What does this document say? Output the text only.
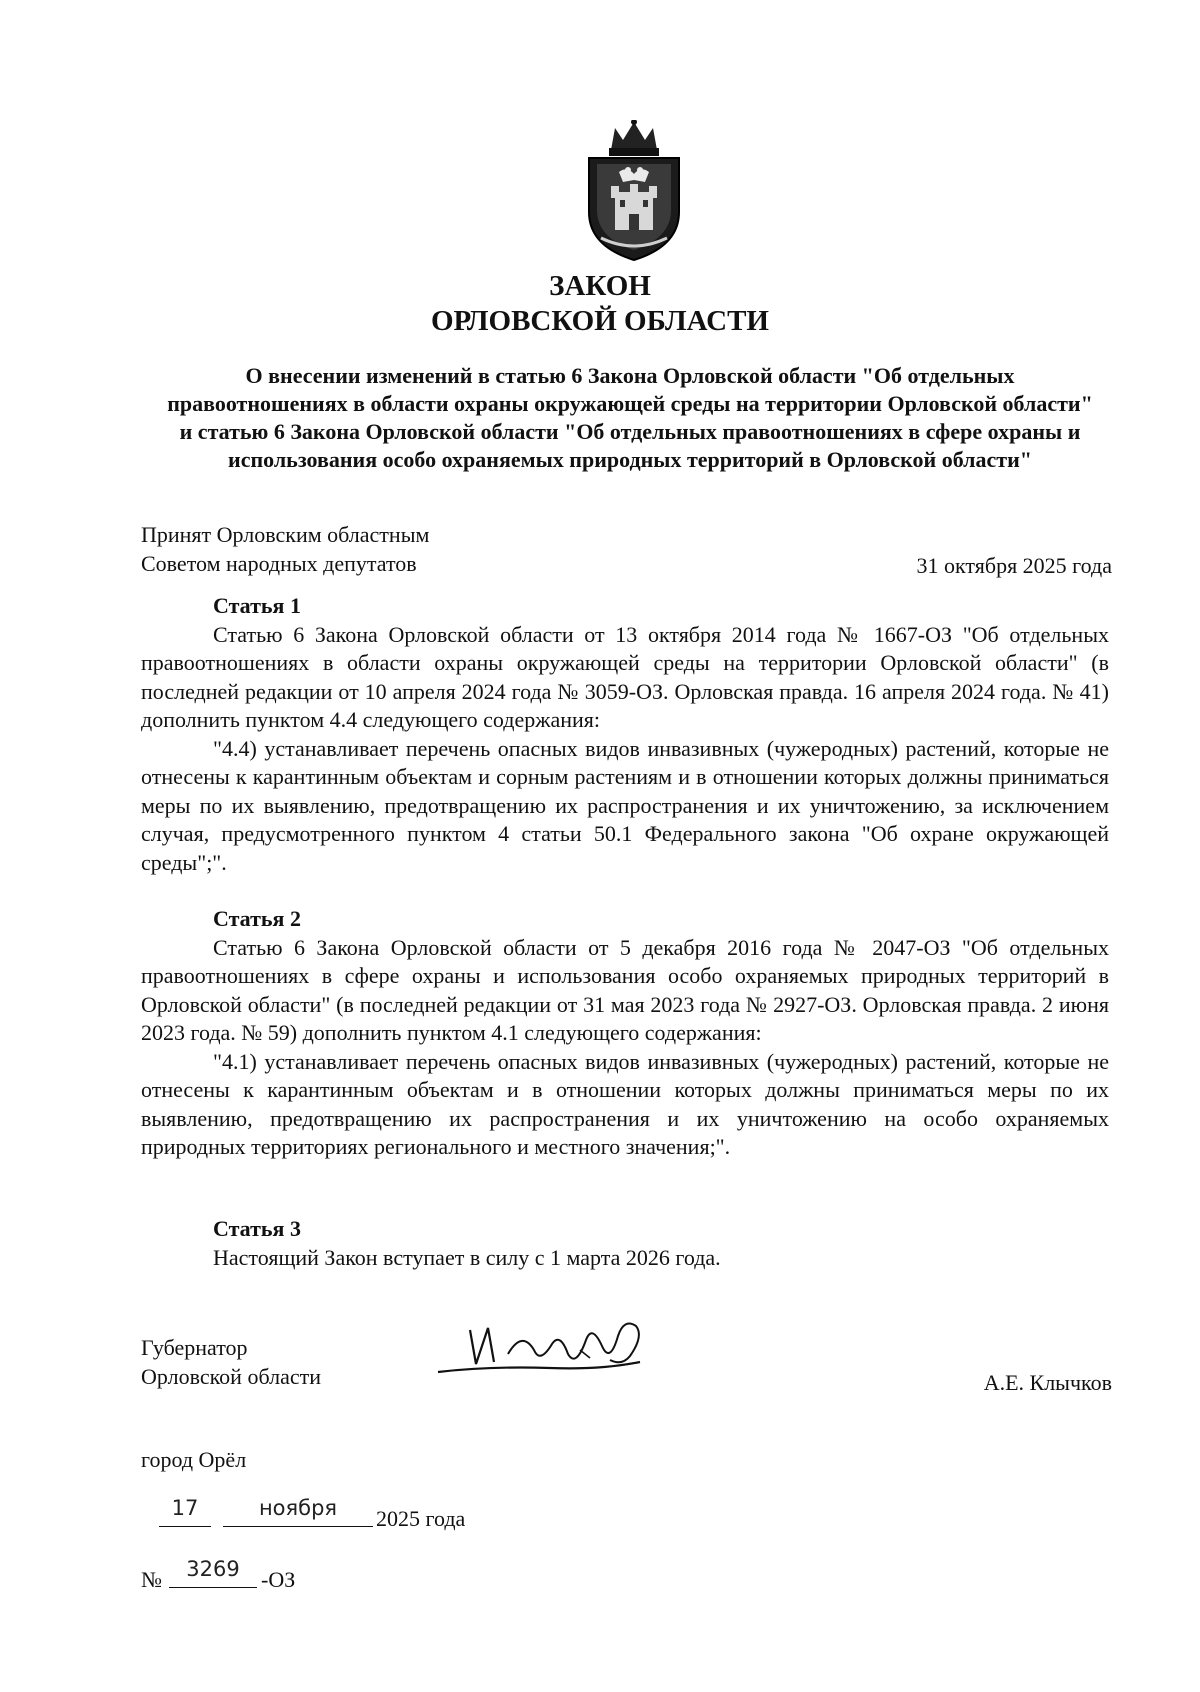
ЗАКОН
ОРЛОВСКОЙ ОБЛАСТИ
О внесении изменений в статью 6 Закона Орловской области "Об отдельных правоотношениях в области охраны окружающей среды на территории Орловской области" и статью 6 Закона Орловской области "Об отдельных правоотношениях в сфере охраны и использования особо охраняемых природных территорий в Орловской области"
Принят Орловским областным
Советом народных депутатов	31 октября 2025 года
Статья 1

Статью 6 Закона Орловской области от 13 октября 2014 года № 1667-ОЗ "Об отдельных правоотношениях в области охраны окружающей среды на территории Орловской области" (в последней редакции от 10 апреля 2024 года № 3059-ОЗ. Орловская правда. 16 апреля 2024 года. № 41) дополнить пунктом 4.4 следующего содержания:

"4.4) устанавливает перечень опасных видов инвазивных (чужеродных) растений, которые не отнесены к карантинным объектам и сорным растениям и в отношении которых должны приниматься меры по их выявлению, предотвращению их распространения и их уничтожению, за исключением случая, предусмотренного пунктом 4 статьи 50.1 Федерального закона "Об охране окружающей среды";".

Статья 2

Статью 6 Закона Орловской области от 5 декабря 2016 года № 2047-ОЗ "Об отдельных правоотношениях в сфере охраны и использования особо охраняемых природных территорий в Орловской области" (в последней редакции от 31 мая 2023 года № 2927-ОЗ. Орловская правда. 2 июня 2023 года. № 59) дополнить пунктом 4.1 следующего содержания:

"4.1) устанавливает перечень опасных видов инвазивных (чужеродных) растений, которые не отнесены к карантинным объектам и в отношении которых должны приниматься меры по их выявлению, предотвращению их распространения и их уничтожению на особо охраняемых природных территориях регионального и местного значения;".

Статья 3

Настоящий Закон вступает в силу с 1 марта 2026 года.

Губернатор
Орловской области	А.Е. Клычков
город Орёл
17	ноября	2025 года
№	3269 -ОЗ
